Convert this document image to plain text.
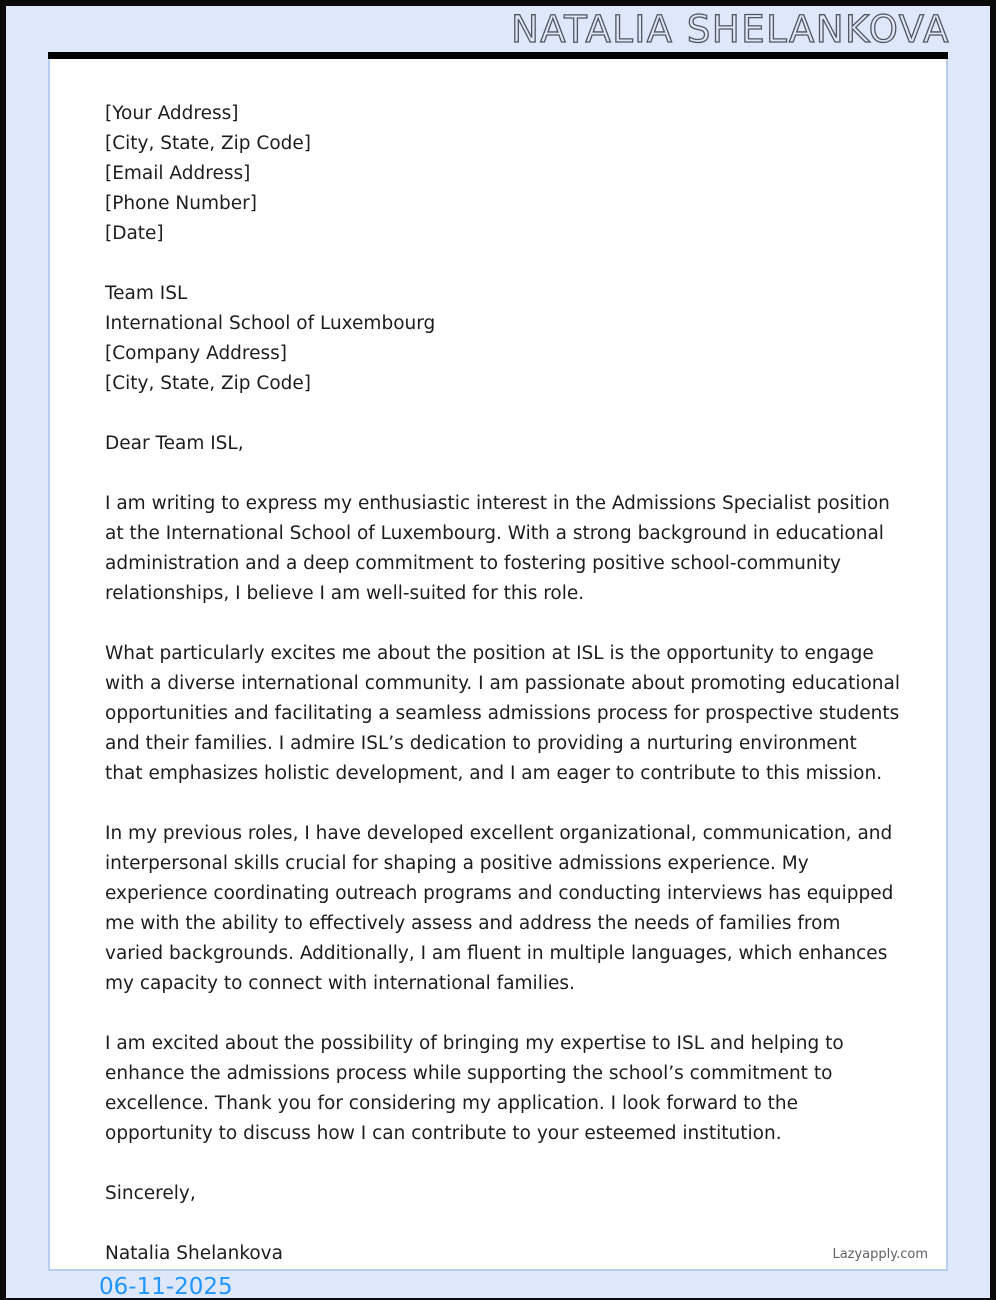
NATALIA SHELANKOVA
[Your Address]
[City, State, Zip Code]
[Email Address]
[Phone Number]
[Date]
Team ISL
International School of Luxembourg
[Company Address]
[City, State, Zip Code]
Dear Team ISL,

I am writing to express my enthusiastic interest in the Admissions Specialist position at the International School of Luxembourg. With a strong background in educational administration and a deep commitment to fostering positive school-community relationships, I believe I am well-suited for this role.

What particularly excites me about the position at ISL is the opportunity to engage with a diverse international community. I am passionate about promoting educational opportunities and facilitating a seamless admissions process for prospective students and their families. I admire ISL’s dedication to providing a nurturing environment that emphasizes holistic development, and I am eager to contribute to this mission.

In my previous roles, I have developed excellent organizational, communication, and interpersonal skills crucial for shaping a positive admissions experience. My experience coordinating outreach programs and conducting interviews has equipped me with the ability to effectively assess and address the needs of families from varied backgrounds. Additionally, I am fluent in multiple languages, which enhances my capacity to connect with international families.

I am excited about the possibility of bringing my expertise to ISL and helping to enhance the admissions process while supporting the school’s commitment to excellence. Thank you for considering my application. I look forward to the opportunity to discuss how I can contribute to your esteemed institution.

Sincerely,
Natalia Shelankova	Lazyapply.com
06-11-2025
